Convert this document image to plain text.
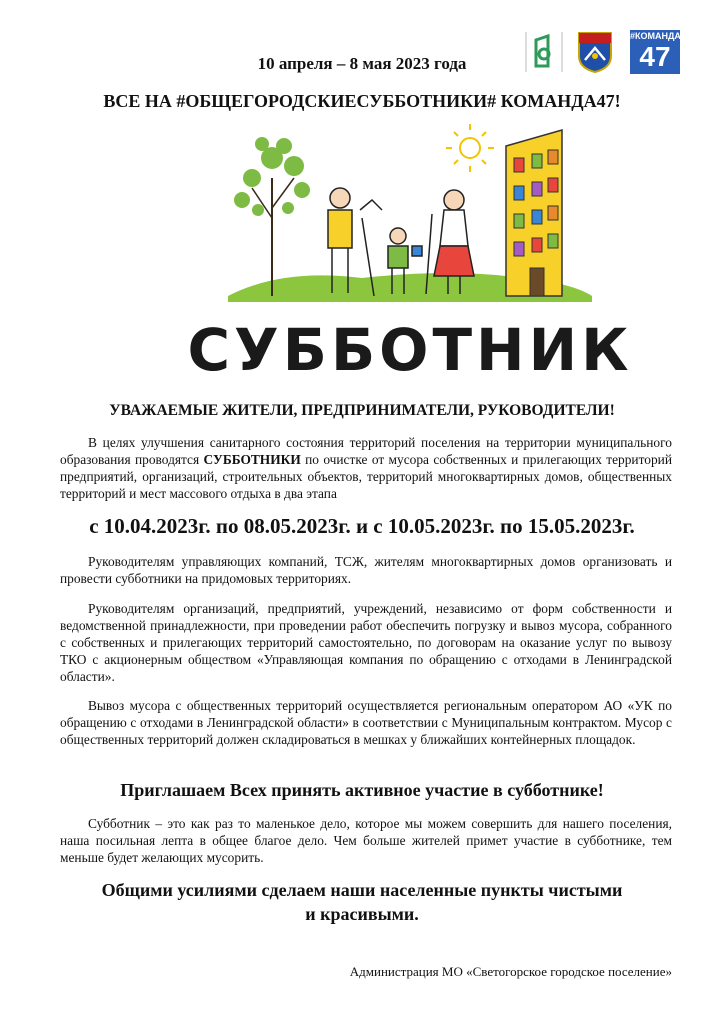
10 апреля – 8 мая 2023 года
#КОМАНДА
47
ВСЕ НА #ОБЩЕГОРОДСКИЕСУББОТНИКИ# КОМАНДА47!
СУББОТНИК
УВАЖАЕМЫЕ ЖИТЕЛИ, ПРЕДПРИНИМАТЕЛИ, РУКОВОДИТЕЛИ!
В целях улучшения санитарного состояния территорий поселения на территории муниципального образования проводятся СУББОТНИКИ по очистке от мусора собственных и прилегающих территорий предприятий, организаций, строительных объектов, территорий многоквартирных домов, общественных территорий и мест массового отдыха в два этапа
с 10.04.2023г. по 08.05.2023г. и с 10.05.2023г. по 15.05.2023г.
Руководителям управляющих компаний, ТСЖ, жителям многоквартирных домов организовать и провести субботники на придомовых территориях.
Руководителям организаций, предприятий, учреждений, независимо от форм собственности и ведомственной принадлежности, при проведении работ обеспечить погрузку и вывоз мусора, собранного с собственных и прилегающих территорий самостоятельно, по договорам на оказание услуг по вывозу ТКО с акционерным обществом «Управляющая компания по обращению с отходами в Ленинградской области».
Вывоз мусора с общественных территорий осуществляется региональным оператором АО «УК по обращению с отходами в Ленинградской области» в соответствии с Муниципальным контрактом. Мусор с общественных территорий должен складироваться в мешках у ближайших контейнерных площадок.
Приглашаем Всех принять активное участие в субботнике!
Субботник – это как раз то маленькое дело, которое мы можем совершить для нашего поселения, наша посильная лепта в общее благое дело. Чем больше жителей примет участие в субботнике, тем меньше будет желающих мусорить.
Общими усилиями сделаем наши населенные пункты чистыми
и красивыми.
Администрация МО «Светогорское городское поселение»
